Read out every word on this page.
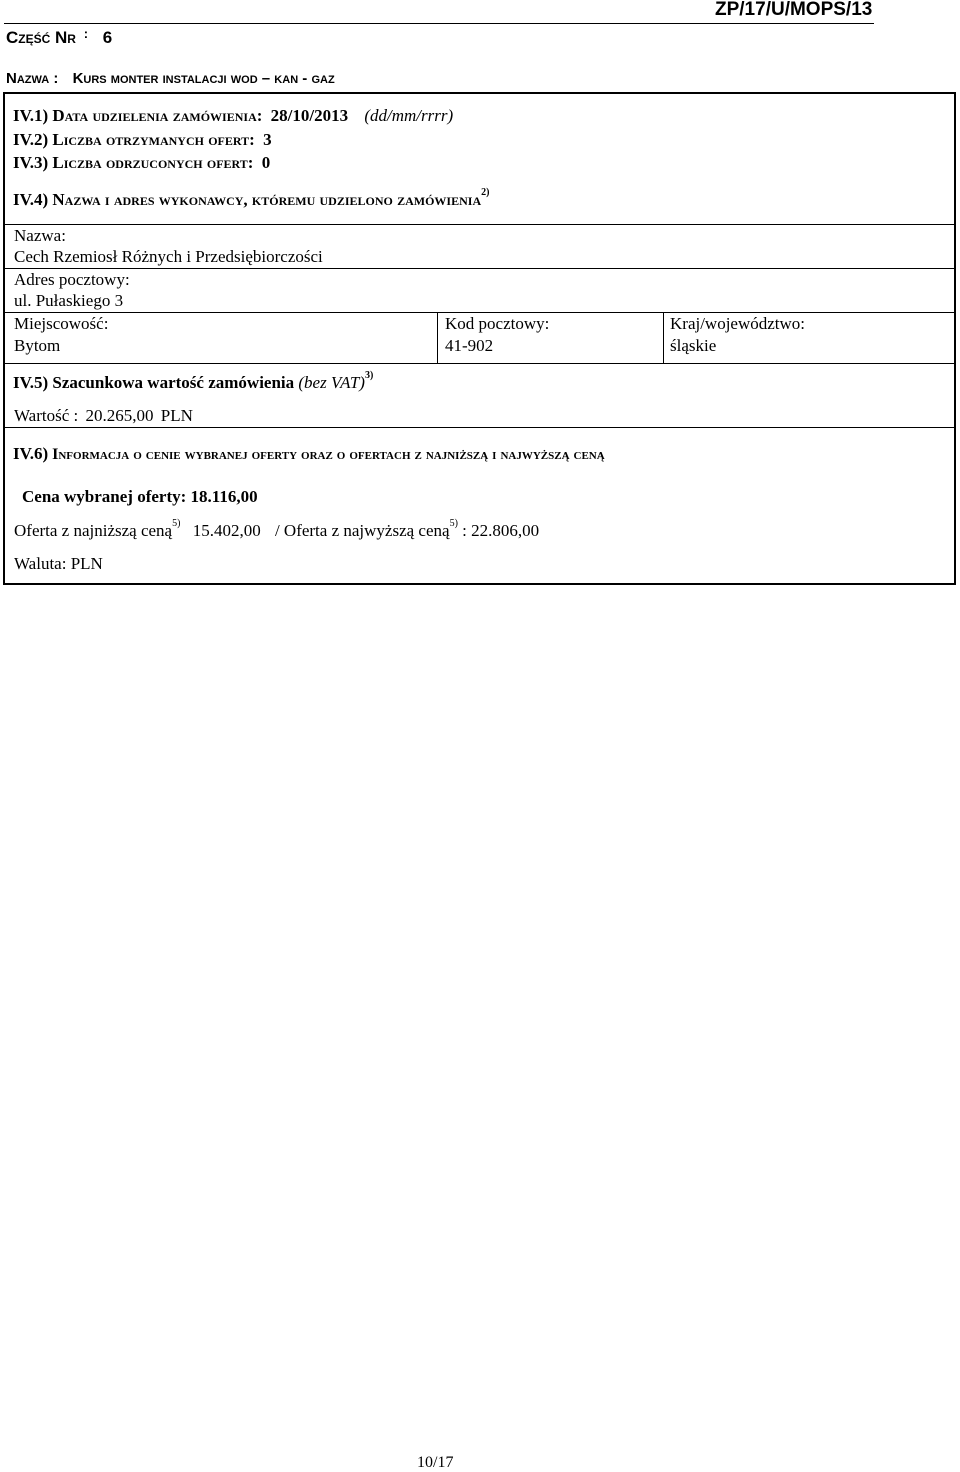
ZP/17/U/MOPS/13
Część Nr : 6
Nazwa : Kurs monter instalacji wod – kan - gaz
IV.1) Data udzielenia zamówienia: 28/10/2013 (dd/mm/rrrr)
IV.2) Liczba otrzymanych ofert: 3
IV.3) Liczba odrzuconych ofert: 0
IV.4) Nazwa i adres wykonawcy, któremu udzielono zamówienia$^{2)}$
Nazwa:
Cech Rzemiosł Różnych i Przedsiębiorczości
Adres pocztowy:
ul. Pułaskiego 3
Miejscowość:
Bytom
Kod pocztowy:
41-902
Kraj/województwo:
śląskie
IV.5) Szacunkowa wartość zamówienia (bez VAT)$^{3)}$
Wartość : 20.265,00 PLN
IV.6) Informacja o cenie wybranej oferty oraz o ofertach z najniższą i najwyższą ceną
Cena wybranej oferty: 18.116,00
Oferta z najniższą ceną$^{5)}$ 15.402,00 / Oferta z najwyższą ceną$^{5)}$ : 22.806,00
Waluta: PLN
10/17
